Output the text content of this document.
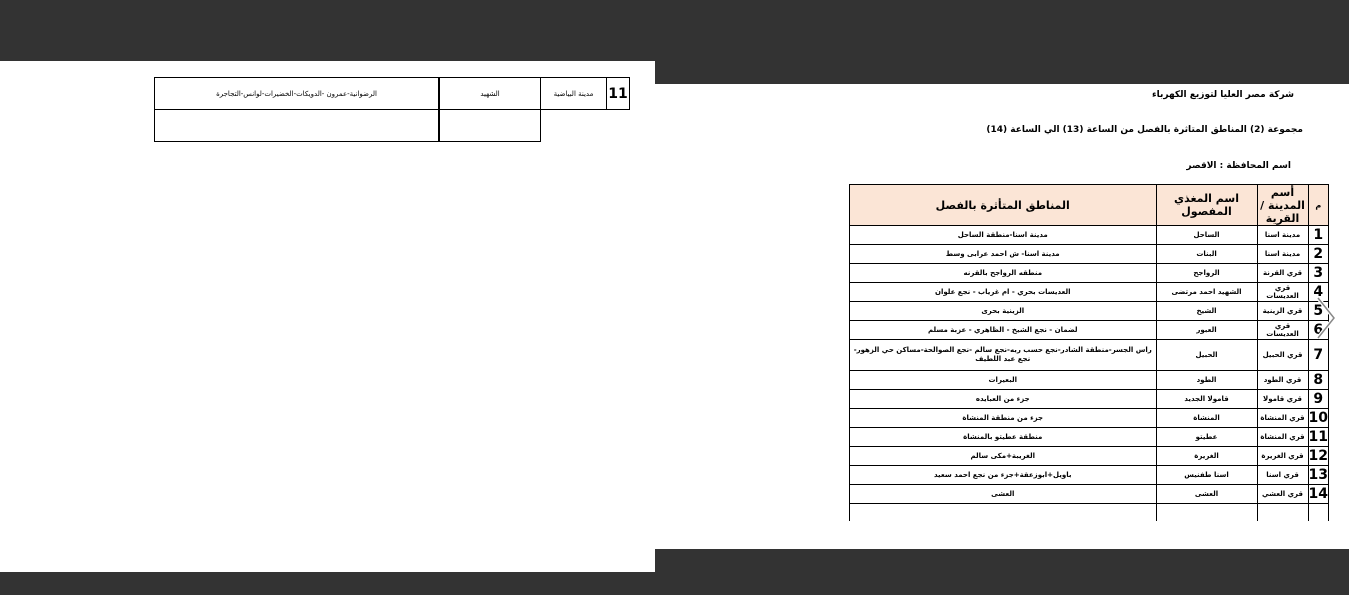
11	مدينة البياضية	الشهيد	الرضوانية-عمرون -الدويكات-الخضيرات-لوانس-التجاجرة
				شركة مصر العليا لتوزيع الكهرباء
مجموعة (2) المناطق المتاثرة بالفصل من الساعة (13) الي الساعة (14)
اسم المحافظة : الاقصر
م	أسم المدينة / القرية	اسم المغذي المفصول	المناطق المتأثرة بالفصل
1	مدينة اسنا	الساحل	مدينة اسنا-منطقة الساحل
2	مدينة اسنا	البنات	مدينة اسنا- ش احمد عرابى وسط
3	قري القرنة	الرواجح	منطقه الرواجح بالقرنه
4	قري العديسات	الشهيد احمد مرتضى	العديسات بحري - ام غرياب - نجع علوان
5	قري الزينية	الشيخ	الزينية بحرى
6	قري العديسات	العبور	لضمان - نجع الشيخ - الظاهري - عزبة مسلم
7	قري الحبيل	الحبيل	راس الجسر-منطقة الشادر-نجع حسب ربه-نجع سالم -نجع الصوالحة-مساكن حي الزهور-نجع عبد اللطيف
8	قري الطود	الطود	البعيرات
9	قري قامولا	قامولا الجديد	جزء من العبايده
10	قري المنشاة	المنشاة	جزء من منطقة المنشاة
11	قري المنشاة	عطيتو	منطقة عطيتو بالمنشاة
12	قري الغريرة	الغريرة	الغريبة+مكى سالم
13	قري اسنا	اسنا طفنيس	باويل+ابوزعقة+جزء من نجع احمد سعيد
14	قري العشي	العشى	العشى
